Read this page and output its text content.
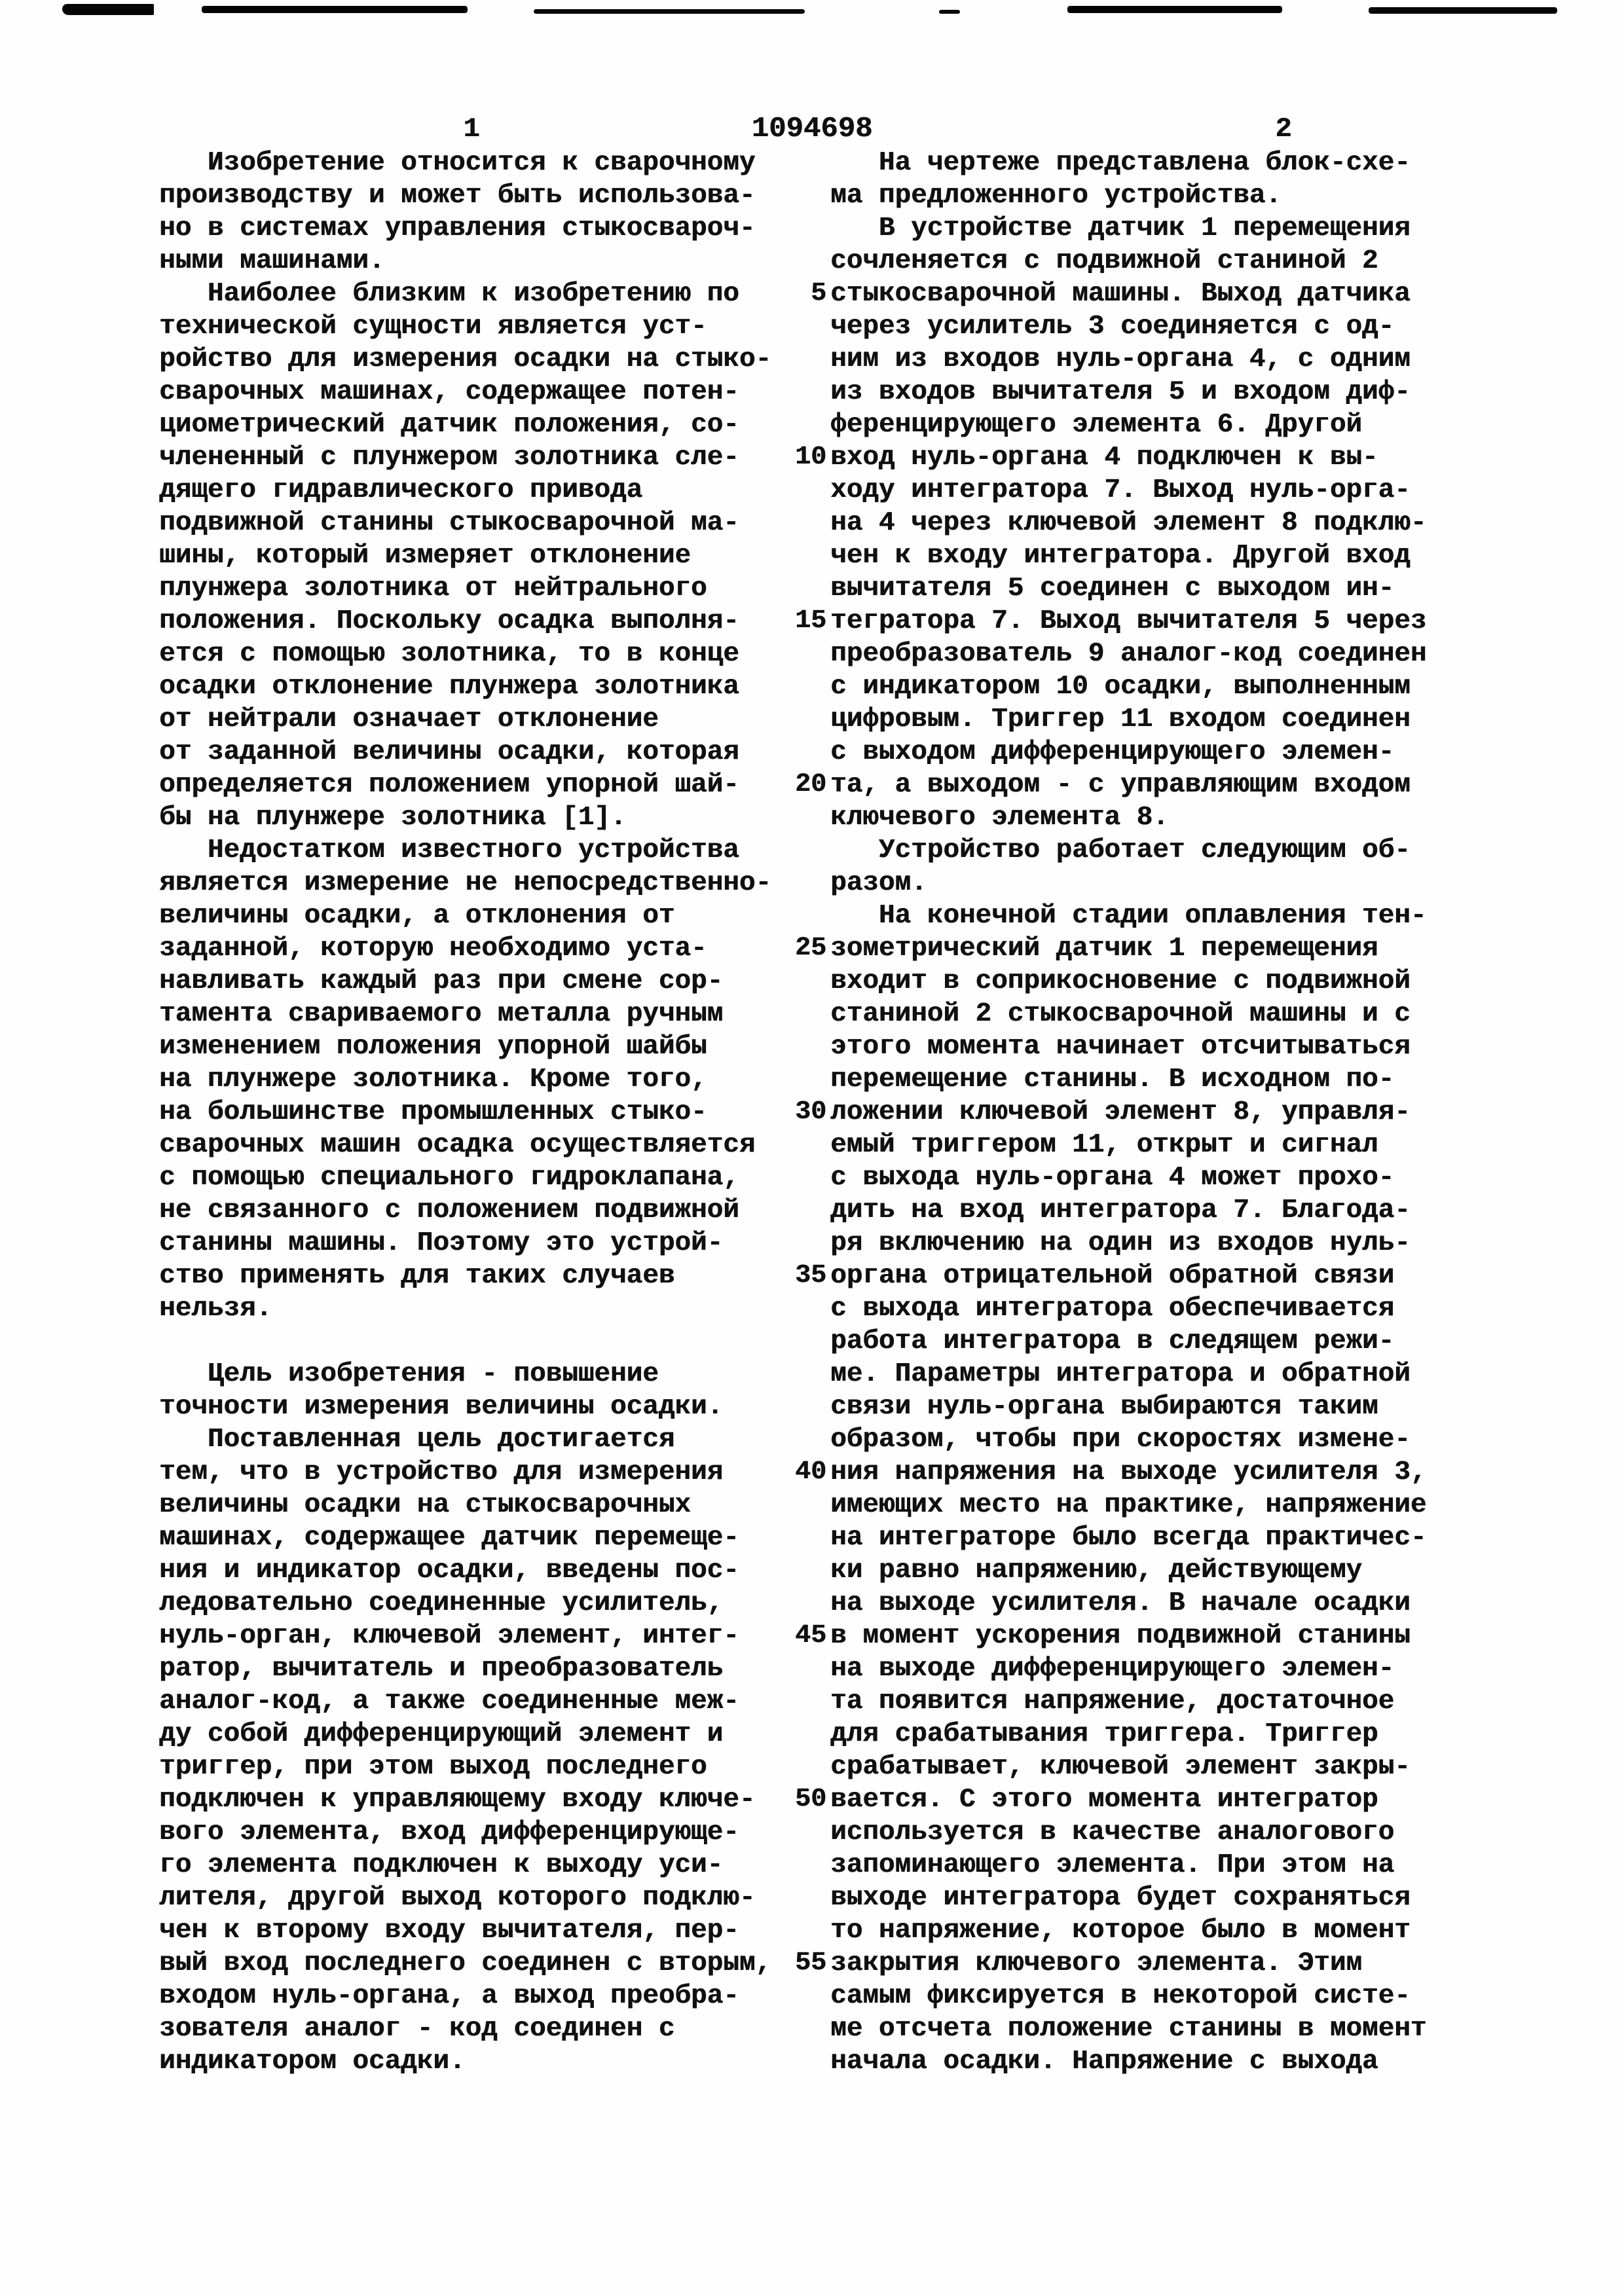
1	1094698	2
Изобретение относится к сварочному
производству и может быть использова-
но в системах управления стыкосвароч-
ными машинами.
Наиболее близким к изобретению по
технической сущности является уст-
ройство для измерения осадки на стыко-
сварочных машинах, содержащее потен-
циометрический датчик положения, со-
члененный с плунжером золотника сле-
дящего гидравлического привода
подвижной станины стыкосварочной ма-
шины, который измеряет отклонение
плунжера золотника от нейтрального
положения. Поскольку осадка выполня-
ется с помощью золотника, то в конце
осадки отклонение плунжера золотника
от нейтрали означает отклонение
от заданной величины осадки, которая
определяется положением упорной шай-
бы на плунжере золотника [1].
Недостатком известного устройства
является измерение не непосредственно-
величины осадки, а отклонения от
заданной, которую необходимо уста-
навливать каждый раз при смене сор-
тамента свариваемого металла ручным
изменением положения упорной шайбы
на плунжере золотника. Кроме того,
на большинстве промышленных стыко-
сварочных машин осадка осуществляется
с помощью специального гидроклапана,
не связанного с положением подвижной
станины машины. Поэтому это устрой-
ство применять для таких случаев
нельзя.

Цель изобретения - повышение
точности измерения величины осадки.
Поставленная цель достигается
тем, что в устройство для измерения
величины осадки на стыкосварочных
машинах, содержащее датчик перемеще-
ния и индикатор осадки, введены пос-
ледовательно соединенные усилитель,
нуль-орган, ключевой элемент, интег-
ратор, вычитатель и преобразователь
аналог-код, а также соединенные меж-
ду собой дифференцирующий элемент и
триггер, при этом выход последнего
подключен к управляющему входу ключе-
вого элемента, вход дифференцирующе-
го элемента подключен к выходу уси-
лителя, другой выход которого подклю-
чен к второму входу вычитателя, пер-
вый вход последнего соединен с вторым,
входом нуль-органа, а выход преобра-
зователя аналог - код соединен с
индикатором осадки.
5
10
15
20
25
30
35
40
45
50
55
На чертеже представлена блок-схе-
ма предложенного устройства.
В устройстве датчик 1 перемещения
сочленяется с подвижной станиной 2
стыкосварочной машины. Выход датчика
через усилитель 3 соединяется с од-
ним из входов нуль-органа 4, с одним
из входов вычитателя 5 и входом диф-
ференцирующего элемента 6. Другой
вход нуль-органа 4 подключен к вы-
ходу интегратора 7. Выход нуль-орга-
на 4 через ключевой элемент 8 подклю-
чен к входу интегратора. Другой вход
вычитателя 5 соединен с выходом ин-
тегратора 7. Выход вычитателя 5 через
преобразователь 9 аналог-код соединен
с индикатором 10 осадки, выполненным
цифровым. Триггер 11 входом соединен
с выходом дифференцирующего элемен-
та, а выходом - с управляющим входом
ключевого элемента 8.
Устройство работает следующим об-
разом.
На конечной стадии оплавления тен-
зометрический датчик 1 перемещения
входит в соприкосновение с подвижной
станиной 2 стыкосварочной машины и с
этого момента начинает отсчитываться
перемещение станины. В исходном по-
ложении ключевой элемент 8, управля-
емый триггером 11, открыт и сигнал
с выхода нуль-органа 4 может прохо-
дить на вход интегратора 7. Благода-
ря включению на один из входов нуль-
органа отрицательной обратной связи
с выхода интегратора обеспечивается
работа интегратора в следящем режи-
ме. Параметры интегратора и обратной
связи нуль-органа выбираются таким
образом, чтобы при скоростях измене-
ния напряжения на выходе усилителя 3,
имеющих место на практике, напряжение
на интеграторе было всегда практичес-
ки равно напряжению, действующему
на выходе усилителя. В начале осадки
в момент ускорения подвижной станины
на выходе дифференцирующего элемен-
та появится напряжение, достаточное
для срабатывания триггера. Триггер
срабатывает, ключевой элемент закры-
вается. С этого момента интегратор
используется в качестве аналогового
запоминающего элемента. При этом на
выходе интегратора будет сохраняться
то напряжение, которое было в момент
закрытия ключевого элемента. Этим
самым фиксируется в некоторой систе-
ме отсчета положение станины в момент
начала осадки. Напряжение с выхода
